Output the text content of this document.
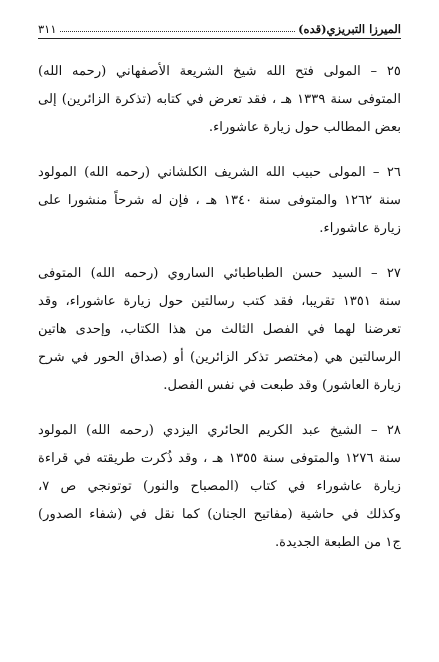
الميرزا التبريزي(قده)
٣١١
٢٥ – المولى فتح الله شيخ الشريعة الأصفهاني (رحمه الله)
المتوفى سنة ١٣٣٩ هـ ، فقد تعرض في كتابه (تذكرة الزائرين) إلى
بعض المطالب حول زيارة عاشوراء.
٢٦ – المولى حبيب الله الشريف الكلشاني (رحمه الله) المولود
سنة ١٢٦٢ والمتوفى سنة ١٣٤٠ هـ ، فإن له شرحاً منشورا على
زيارة عاشوراء.
٢٧ – السيد حسن الطباطبائي الساروي (رحمه الله) المتوفى
سنة ١٣٥١ تقريبا، فقد كتب رسالتين حول زيارة عاشوراء، وقد
تعرضنا لهما في الفصل الثالث من هذا الكتاب، وإحدى هاتين
الرسالتين هي (مختصر تذكر الزائرين) أو (صداق الحور في شرح
زيارة العاشور) وقد طبعت في نفس الفصل.
٢٨ – الشيخ عبد الكريم الحائري اليزدي (رحمه الله) المولود
سنة ١٢٧٦ والمتوفى سنة ١٣٥٥ هـ ، وقد ذُكرت طريقته في قراءة
زيارة عاشوراء في كتاب (المصباح والنور) توتونجي ص ٧،
وكذلك في حاشية (مفاتيح الجنان) كما نقل في (شفاء الصدور)
ج١ من الطبعة الجديدة.
